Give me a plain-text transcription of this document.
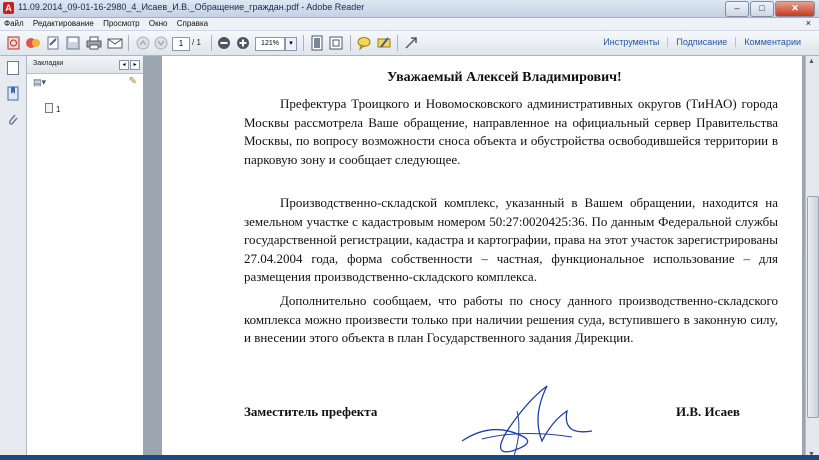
A 11.09.2014_09-01-16-2980_4_Исаев_И.В._Обращение_граждан.pdf - Adobe Reader	–	□	✕
Файл Редактирование Просмотр Окно Справка	×
1	/ 1	121%	▾	Инструменты	Подписание	Комментарии
Закладки	◂	▸
▤▾	✎
1
Уважаемый Алексей Владимирович!
Префектура Троицкого и Новомосковского административных округов (ТиНАО) города Москвы рассмотрела Ваше обращение, направленное на официальный сервер Правительства Москвы, по вопросу возможности сноса объекта и обустройства освободившейся территории в парковую зону и сообщает следующее.
Производственно-складской комплекс, указанный в Вашем обращении, находится на земельном участке с кадастровым номером 50:27:0020425:36. По данным Федеральной службы государственной регистрации, кадастра и картографии, права на этот участок зарегистрированы 27.04.2004 года, форма собственности – частная, функциональное использование – для размещения производственно-складского комплекса.
Дополнительно сообщаем, что работы по сносу данного производственно-складского комплекса можно произвести только при наличии решения суда, вступившего в законную силу, и внесении этого объекта в план Государственного задания Дирекции.
Заместитель префекта	И.В. Исаев
▲
